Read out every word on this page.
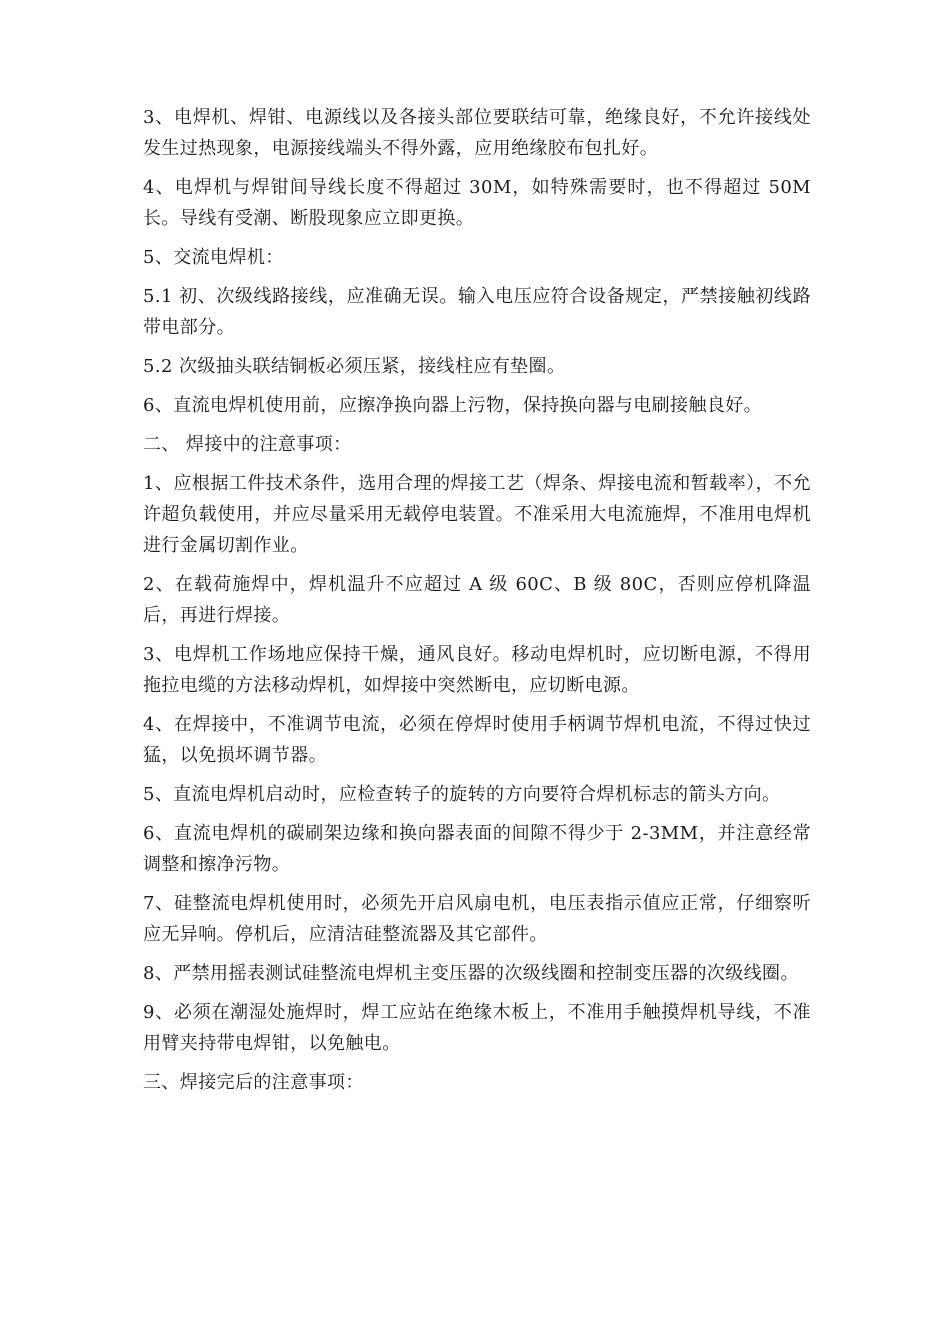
3、电焊机、焊钳、电源线以及各接头部位要联结可靠，绝缘良好，不允许接线处发生过热现象，电源接线端头不得外露，应用绝缘胶布包扎好。

4、电焊机与焊钳间导线长度不得超过 30M，如特殊需要时，也不得超过 50M 长。导线有受潮、断股现象应立即更换。

5、交流电焊机：

5.1 初、次级线路接线，应准确无误。输入电压应符合设备规定，严禁接触初线路带电部分。

5.2 次级抽头联结铜板必须压紧，接线柱应有垫圈。

6、直流电焊机使用前，应擦净换向器上污物，保持换向器与电刷接触良好。

二、 焊接中的注意事项：

1、应根据工件技术条件，选用合理的焊接工艺（焊条、焊接电流和暂载率），不允许超负载使用，并应尽量采用无载停电装置。不准采用大电流施焊，不准用电焊机进行金属切割作业。

2、在载荷施焊中，焊机温升不应超过 A 级 60C、B 级 80C，否则应停机降温后，再进行焊接。

3、电焊机工作场地应保持干燥，通风良好。移动电焊机时，应切断电源，不得用拖拉电缆的方法移动焊机，如焊接中突然断电，应切断电源。

4、在焊接中，不准调节电流，必须在停焊时使用手柄调节焊机电流，不得过快过猛，以免损坏调节器。

5、直流电焊机启动时，应检查转子的旋转的方向要符合焊机标志的箭头方向。

6、直流电焊机的碳刷架边缘和换向器表面的间隙不得少于 2-3MM，并注意经常调整和擦净污物。

7、硅整流电焊机使用时，必须先开启风扇电机，电压表指示值应正常，仔细察听应无异响。停机后，应清洁硅整流器及其它部件。

8、严禁用摇表测试硅整流电焊机主变压器的次级线圈和控制变压器的次级线圈。

9、必须在潮湿处施焊时，焊工应站在绝缘木板上，不准用手触摸焊机导线，不准用臂夹持带电焊钳，以免触电。

三、焊接完后的注意事项：
